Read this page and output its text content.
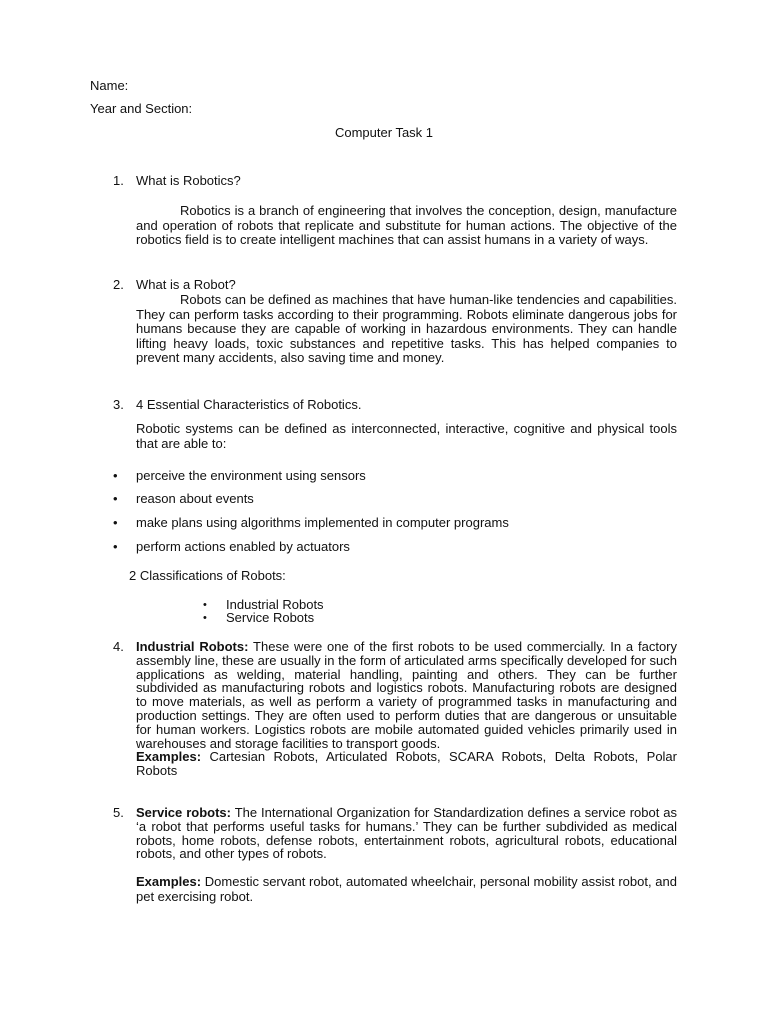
Name:
Year and Section:
Computer Task 1
1. What is Robotics?

Robotics is a branch of engineering that involves the conception, design, manufacture and operation of robots that replicate and substitute for human actions. The objective of the robotics field is to create intelligent machines that can assist humans in a variety of ways.

2. What is a Robot?

Robots can be defined as machines that have human-like tendencies and capabilities. They can perform tasks according to their programming. Robots eliminate dangerous jobs for humans because they are capable of working in hazardous environments. They can handle lifting heavy loads, toxic substances and repetitive tasks. This has helped companies to prevent many accidents, also saving time and money.

3. 4 Essential Characteristics of Robotics.

Robotic systems can be defined as interconnected, interactive, cognitive and physical tools that are able to:

• perceive the environment using sensors
• reason about events
• make plans using algorithms implemented in computer programs
• perform actions enabled by actuators
2 Classifications of Robots:
• Industrial Robots
• Service Robots
4. Industrial Robots: These were one of the first robots to be used commercially. In a factory assembly line, these are usually in the form of articulated arms specifically developed for such applications as welding, material handling, painting and others. They can be further subdivided as manufacturing robots and logistics robots. Manufacturing robots are designed to move materials, as well as perform a variety of programmed tasks in manufacturing and production settings. They are often used to perform duties that are dangerous or unsuitable for human workers. Logistics robots are mobile automated guided vehicles primarily used in warehouses and storage facilities to transport goods.
Examples: Cartesian Robots, Articulated Robots, SCARA Robots, Delta Robots, Polar Robots
5. Service robots: The International Organization for Standardization defines a service robot as ‘a robot that performs useful tasks for humans.’ They can be further subdivided as medical robots, home robots, defense robots, entertainment robots, agricultural robots, educational robots, and other types of robots.
Examples: Domestic servant robot, automated wheelchair, personal mobility assist robot, and pet exercising robot.
